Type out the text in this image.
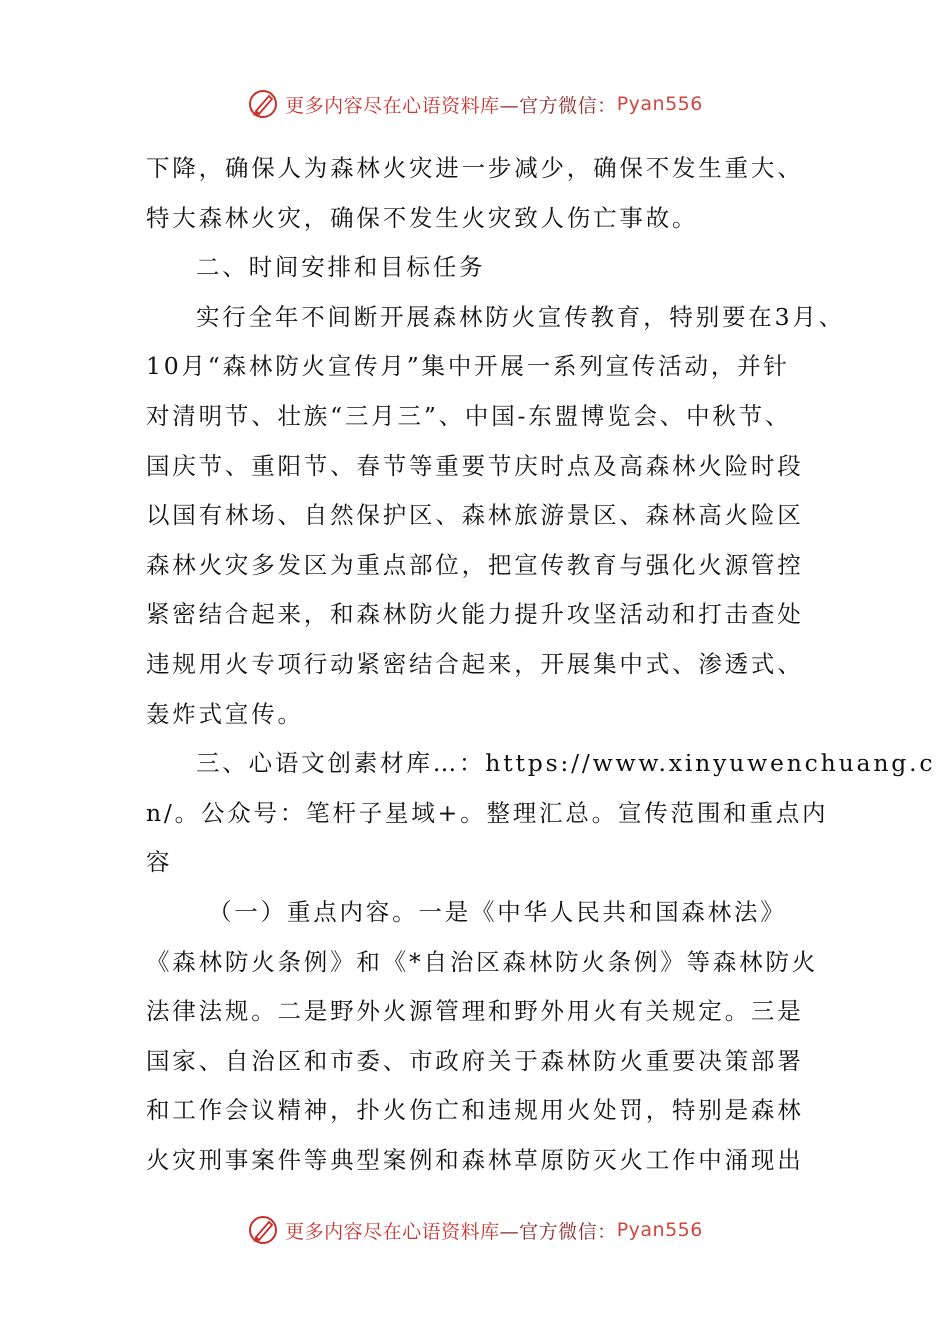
更多内容尽在心语资料库 —官方微信： Pyan556
下降，确保人为森林火灾进一步减少，确保不发生重大、
特大森林火灾，确保不发生火灾致人伤亡事故。
二、时间安排和目标任务
实行全年不间断开展森林防火宣传教育，特别要在3月、
10月“森林防火宣传月”集中开展一系列宣传活动，并针
对清明节、壮族“三月三”、中国-东盟博览会、中秋节、
国庆节、重阳节、春节等重要节庆时点及高森林火险时段
以国有林场、自然保护区、森林旅游景区、森林高火险区
森林火灾多发区为重点部位，把宣传教育与强化火源管控
紧密结合起来，和森林防火能力提升攻坚活动和打击查处
违规用火专项行动紧密结合起来，开展集中式、渗透式、
轰炸式宣传。
三、心语文创素材库…：https://www.xinyuwenchuang.c
n/。公众号：笔杆子星域+。整理汇总。宣传范围和重点内
容
（一）重点内容。一是《中华人民共和国森林法》
《森林防火条例》和《*自治区森林防火条例》等森林防火
法律法规。二是野外火源管理和野外用火有关规定。三是
国家、自治区和市委、市政府关于森林防火重要决策部署
和工作会议精神，扑火伤亡和违规用火处罚，特别是森林
火灾刑事案件等典型案例和森林草原防灭火工作中涌现出
更多内容尽在心语资料库 —官方微信： Pyan556
